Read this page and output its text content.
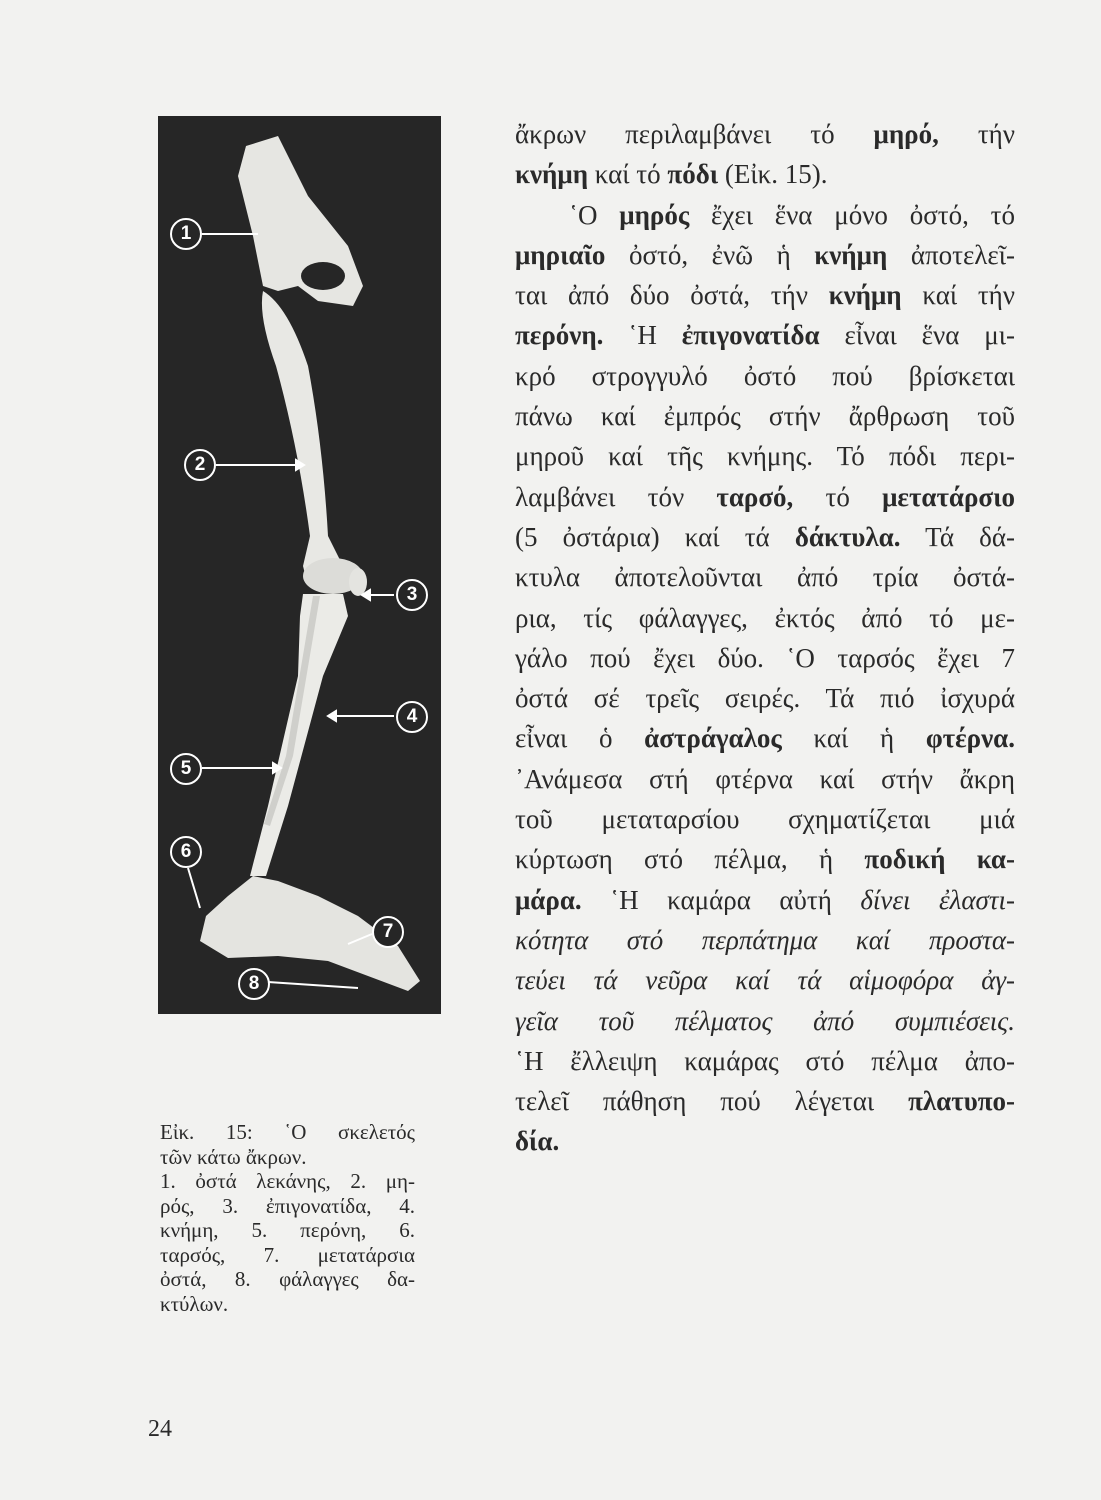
1
2
3
4
5
6
7
8

ἄκρων περιλαμβάνει τό μηρό, τήν
κνήμη καί τό πόδι (Εἰκ. 15).
῾Ο μηρός ἔχει ἕνα μόνο ὀστό, τό
μηριαῖο ὀστό, ἐνῶ ἡ κνήμη ἀποτελεῖ-
ται ἀπό δύο ὀστά, τήν κνήμη καί τήν
περόνη. ῾Η ἐπιγονατίδα εἶναι ἕνα μι-
κρό στρογγυλό ὀστό πού βρίσκεται
πάνω καί ἐμπρός στήν ἄρθρωση τοῦ
μηροῦ καί τῆς κνήμης. Τό πόδι περι-
λαμβάνει τόν ταρσό, τό μετατάρσιο
(5 ὀστάρια) καί τά δάκτυλα. Τά δά-
κτυλα ἀποτελοῦνται ἀπό τρία ὀστά-
ρια, τίς φάλαγγες, ἐκτός ἀπό τό με-
γάλο πού ἔχει δύο. ῾Ο ταρσός ἔχει 7
ὀστά σέ τρεῖς σειρές. Τά πιό ἰσχυρά
εἶναι ὁ ἀστράγαλος καί ἡ φτέρνα.
᾿Ανάμεσα στή φτέρνα καί στήν ἄκρη
τοῦ μεταταρσίου σχηματίζεται μιά
κύρτωση στό πέλμα, ἡ ποδική κα-
μάρα. ῾Η καμάρα αὐτή δίνει ἐλαστι-
κότητα στό περπάτημα καί προστα-
τεύει τά νεῦρα καί τά αἱμοφόρα ἀγ-
γεῖα τοῦ πέλματος ἀπό συμπιέσεις.
῾Η ἔλλειψη καμάρας στό πέλμα ἀπο-
τελεῖ πάθηση πού λέγεται πλατυπο-
δία.

Εἰκ. 15: ῾Ο σκελετός
τῶν κάτω ἄκρων.
1. ὀστά λεκάνης, 2. μη-
ρός, 3. ἐπιγονατίδα, 4.
κνήμη, 5. περόνη, 6.
ταρσός, 7. μετατάρσια
ὀστά, 8. φάλαγγες δα-
κτύλων.
24
